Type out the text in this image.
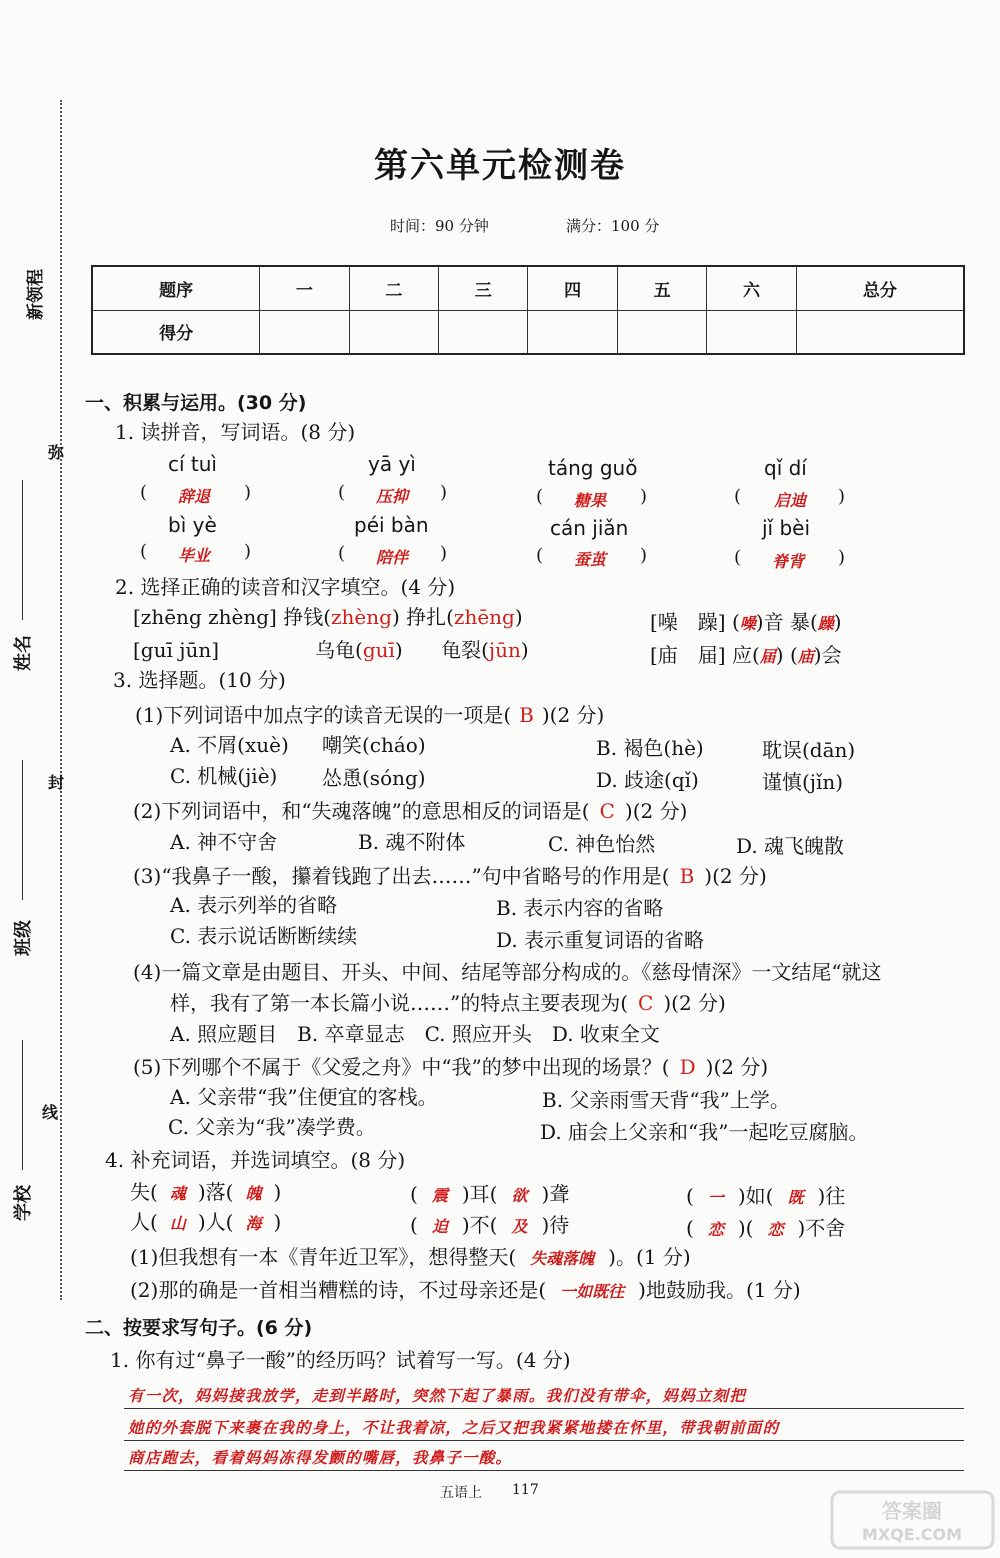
新领程
弥
封
线
姓名
班级
学校
第六单元检测卷
时间：90 分钟	满分：100 分
题序	一	二	三	四	五	六	总分
得分							
一、积累与运用。(30 分)
1. 读拼音，写词语。(8 分)
cí tuì	yā yì	táng guǒ	qǐ dí
( 辞退 )	( 压抑 )	( 糖果 )	( 启迪 )
bì yè	péi bàn	cán jiǎn	jǐ bèi
( 毕业 )	( 陪伴 )	( 蚕茧 )	( 脊背 )
2. 选择正确的读音和汉字填空。(4 分)
[zhēng zhèng] 挣钱(zhèng) 挣扎(zhēng)	[噪　躁] (噪)音 暴(躁)
[guī jūn]	乌龟(guī) 龟裂(jūn)	[庙　届] 应(届) (庙)会
3. 选择题。(10 分)
(1)下列词语中加点字的读音无误的一项是( B )(2 分)
A. 不屑(xuè) 嘲笑(cháo)	B. 褐色(hè)	耽误(dān)
C. 机械(jiè) 怂恿(sóng)	D. 歧途(qǐ)	谨慎(jǐn)
(2)下列词语中，和“失魂落魄”的意思相反的词语是( C )(2 分)
A. 神不守舍	B. 魂不附体	C. 神色怡然	D. 魂飞魄散
(3)“我鼻子一酸，攥着钱跑了出去……”句中省略号的作用是( B )(2 分)
A. 表示列举的省略	B. 表示内容的省略
C. 表示说话断断续续	D. 表示重复词语的省略
(4)一篇文章是由题目、开头、中间、结尾等部分构成的。《慈母情深》一文结尾“就这
样，我有了第一本长篇小说……”的特点主要表现为( C )(2 分)
A. 照应题目　B. 卒章显志　C. 照应开头　D. 收束全文
(5)下列哪个不属于《父爱之舟》中“我”的梦中出现的场景？( D )(2 分)
A. 父亲带“我”住便宜的客栈。	B. 父亲雨雪天背“我”上学。
C. 父亲为“我”凑学费。	D. 庙会上父亲和“我”一起吃豆腐脑。
4. 补充词语，并选词填空。(8 分)
失( 魂 )落( 魄 )	( 震 )耳( 欲 )聋	( 一 )如( 既 )往
人( 山 )人( 海 )	( 迫 )不( 及 )待	( 恋 )( 恋 )不舍
(1)但我想有一本《青年近卫军》，想得整天( 失魂落魄 )。(1 分)
(2)那的确是一首相当糟糕的诗，不过母亲还是( 一如既往 )地鼓励我。(1 分)
二、按要求写句子。(6 分)
1. 你有过“鼻子一酸”的经历吗？试着写一写。(4 分)
有一次，妈妈接我放学，走到半路时，突然下起了暴雨。我们没有带伞，妈妈立刻把
她的外套脱下来裹在我的身上，不让我着凉，之后又把我紧紧地搂在怀里，带我朝前面的
商店跑去，看着妈妈冻得发颤的嘴唇，我鼻子一酸。
五语上 117
答案圈
MXQE.COM
